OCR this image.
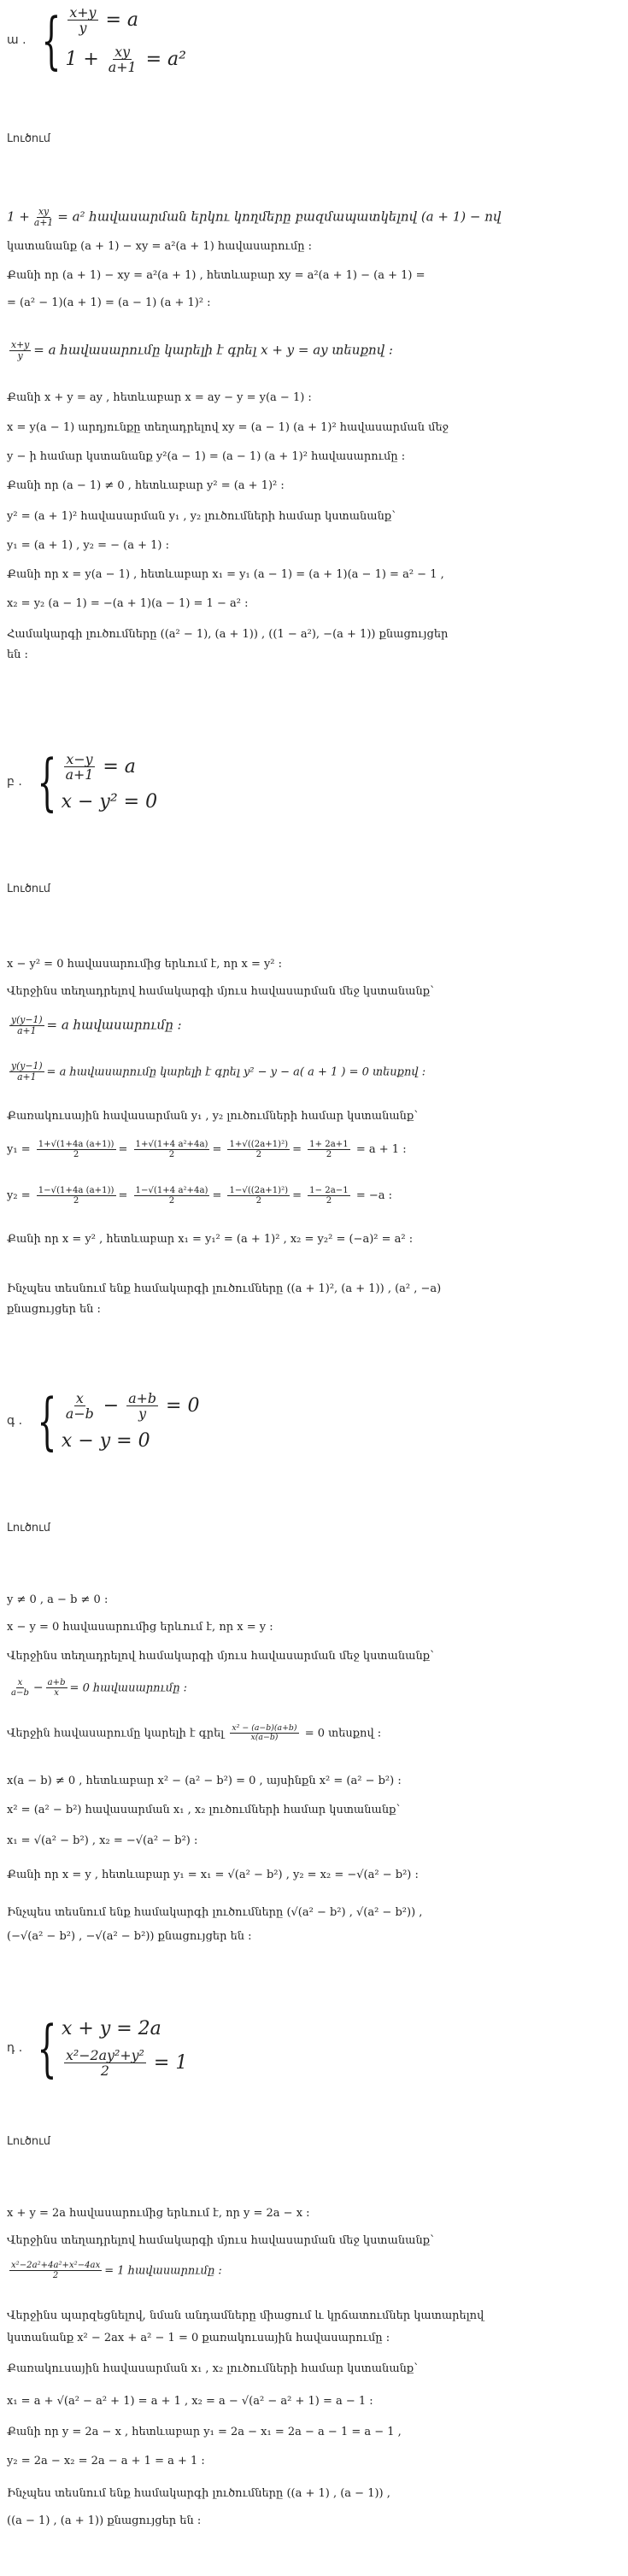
ա . { $\frac{x+y}{y} = a$
$1 + \frac{xy}{a+1} = a^2$
Լուծում
$1 + \frac{xy}{a+1} = a^2$ հավասարման երկու կողմերը բազմապատկելով (a + 1) − ով
կատանանք (a + 1) − xy = a²(a + 1) հավասարումը :
Քանի որ (a + 1) − xy = a²(a + 1) , հետևաբար xy = a²(a + 1) − (a + 1) =
= (a² − 1)(a + 1) = (a − 1) (a + 1)² :
$\frac{x+y}{y} = a$ հավասարումը կարելի է գրել x + y = ay տեսքով :
Քանի x + y = ay , հետևաբար x = ay − y = y(a − 1) :
x = y(a − 1) արդյունքը տեղադրելով xy = (a − 1) (a + 1)² հավասարման մեջ
y − ի համար կստանանք y²(a − 1) = (a − 1) (a + 1)² հավասարումը :
Քանի որ (a − 1) ≠ 0 , հետևաբար y² = (a + 1)² :
y² = (a + 1)² հավասարման y₁ , y₂ լուծումների համար կստանանք`
y₁ = (a + 1) , y₂ = − (a + 1) :
Քանի որ x = y(a − 1) , հետևաբար x₁ = y₁ (a − 1) = (a + 1)(a − 1) = a² − 1 ,
x₂ = y₂ (a − 1) = −(a + 1)(a − 1) = 1 − a² :
Համակարգի լուծումները ((a² − 1), (a + 1)) , ((1 − a²), −(a + 1)) քնացույցեր
են :
բ . { $\frac{x-y}{a+1} = a$
x − y² = 0
Լուծում
x − y² = 0 հավասարումից երևում է, որ x = y² :
Վերջինս տեղադրելով համակարգի մյուս հավասարման մեջ կստանանք`
$\frac{y(y-1)}{a+1} = a$ հավասարումը :
$\frac{y(y-1)}{a+1} = a$ հավասարումը կարելի է գրել y² − y − a( a + 1 ) = 0 տեսքով :
Քառակուսային հավասարման y₁ , y₂ լուծումների համար կստանանք`
$y_1 = \frac{1+√(1+4a (a+1))}{2} = \frac{\text{1+√(1+4 a²+4a)}}{2} = \frac{\text{1+√((2a+1)²)}}{2} = \frac{1+ 2a+1}{2} = a + 1$ :
$y_2 = \frac{1-√(1+4a (a+1))}{2} = \frac{\text{1−√(1+4 a²+4a)}}{2} = \frac{\text{1−√((2a+1)²)}}{2} = \frac{1- 2a-1}{2} = -a$ :
Քանի որ x = y² , հետևաբար x₁ = y₁² = (a + 1)² , x₂ = y₂² = (−a)² = a² :
Ինչպես տեսնում ենք համակարգի լուծումները ((a + 1)², (a + 1)) , (a² , −a)
քնացույցեր են :
գ . { $\frac{x}{a-b} - \frac{a+b}{y} = 0$
x − y = 0
Լուծում
y ≠ 0 , a − b ≠ 0 :
x − y = 0 հավասարումից երևում է, որ x = y :
Վերջինս տեղադրելով համակարգի մյուս հավասարման մեջ կստանանք`
$\frac{x}{a-b} - \frac{a+b}{x} = 0$ հավասարումը :
Վերջին հավասարումը կարելի է գրել $\frac{\text{x² − (a−b)(a+b)}}{x(a-b)} = 0$ տեսքով :
x(a − b) ≠ 0 , հետևաբար x² − (a² − b²) = 0 , այսինքն x² = (a² − b²) :
x² = (a² − b²) հավասարման x₁ , x₂ լուծումների համար կստանանք`
x₁ = √(a² − b²) , x₂ = −√(a² − b²) :
Քանի որ x = y , հետևաբար y₁ = x₁ = √(a² − b²) , y₂ = x₂ = −√(a² − b²) :
Ինչպես տեսնում ենք համակարգի լուծումները (√(a² − b²) , √(a² − b²)) ,
(−√(a² − b²) , −√(a² − b²)) քնացույցեր են :
դ . { x + y = 2a
$\frac{\text{x²−2ay²+y²}}{2} = 1$
Լուծում
x + y = 2a հավասարումից երևում է, որ y = 2a − x :
Վերջինս տեղադրելով համակարգի մյուս հավասարման մեջ կստանանք`
$\frac{\text{x²−2a²+4a²+x²−4ax}}{2} = 1$ հավասարումը :
Վերջինս պարզեցնելով, նման անդամները միացում և կրճատումներ կատարելով
կստանանք x² − 2ax + a² − 1 = 0 քառակուսային հավասարումը :
Քառակուսային հավասարման x₁ , x₂ լուծումների համար կստանանք`
x₁ = a + √(a² − a² + 1) = a + 1 , x₂ = a − √(a² − a² + 1) = a − 1 :
Քանի որ y = 2a − x , հետևաբար y₁ = 2a − x₁ = 2a − a − 1 = a − 1 ,
y₂ = 2a − x₂ = 2a − a + 1 = a + 1 :
Ինչպես տեսնում ենք համակարգի լուծումները ((a + 1) , (a − 1)) ,
((a − 1) , (a + 1)) քնացույցեր են :
